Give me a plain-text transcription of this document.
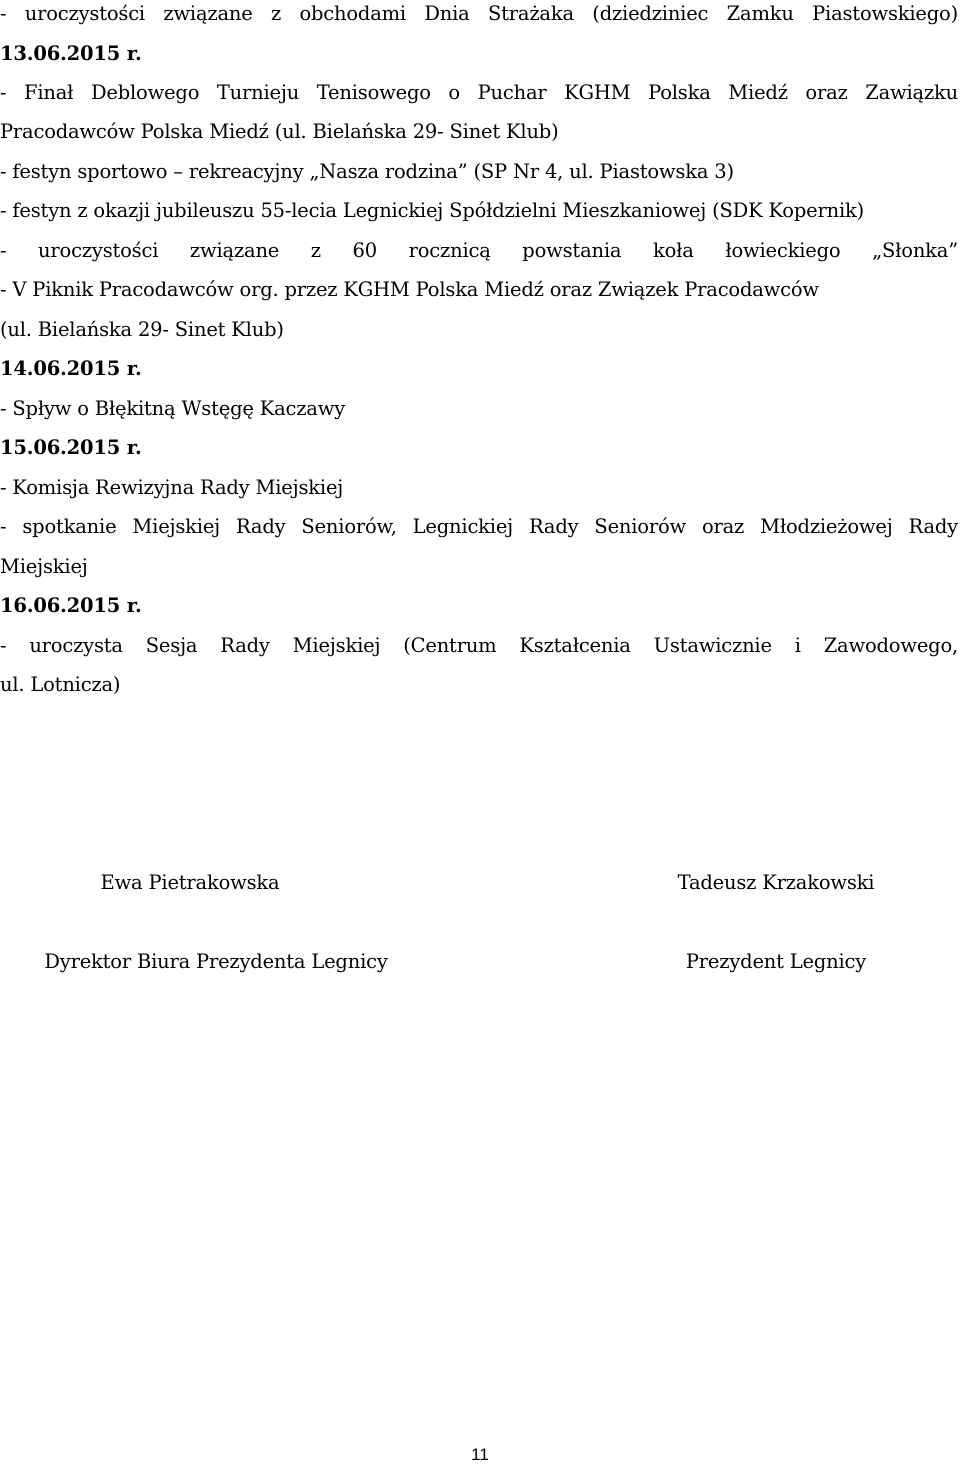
- uroczystości związane z obchodami Dnia Strażaka (dziedziniec Zamku Piastowskiego)
13.06.2015 r.
- Finał Deblowego Turnieju Tenisowego o Puchar KGHM Polska Miedź oraz Zawiązku
Pracodawców Polska Miedź (ul. Bielańska 29- Sinet Klub)
- festyn sportowo – rekreacyjny „Nasza rodzina” (SP Nr 4, ul. Piastowska 3)
- festyn z okazji jubileuszu 55-lecia Legnickiej Spółdzielni Mieszkaniowej (SDK Kopernik)
- uroczystości związane z 60 rocznicą powstania koła łowieckiego „Słonka”
- V Piknik Pracodawców org. przez KGHM Polska Miedź oraz Związek Pracodawców
(ul. Bielańska 29- Sinet Klub)
14.06.2015 r.
- Spływ o Błękitną Wstęgę Kaczawy
15.06.2015 r.
- Komisja Rewizyjna Rady Miejskiej
- spotkanie Miejskiej Rady Seniorów, Legnickiej Rady Seniorów oraz Młodzieżowej Rady
Miejskiej
16.06.2015 r.
- uroczysta Sesja Rady Miejskiej (Centrum Kształcenia Ustawicznie i Zawodowego,
ul. Lotnicza)
Ewa Pietrakowska
Dyrektor Biura Prezydenta Legnicy
Tadeusz Krzakowski
Prezydent Legnicy
11
